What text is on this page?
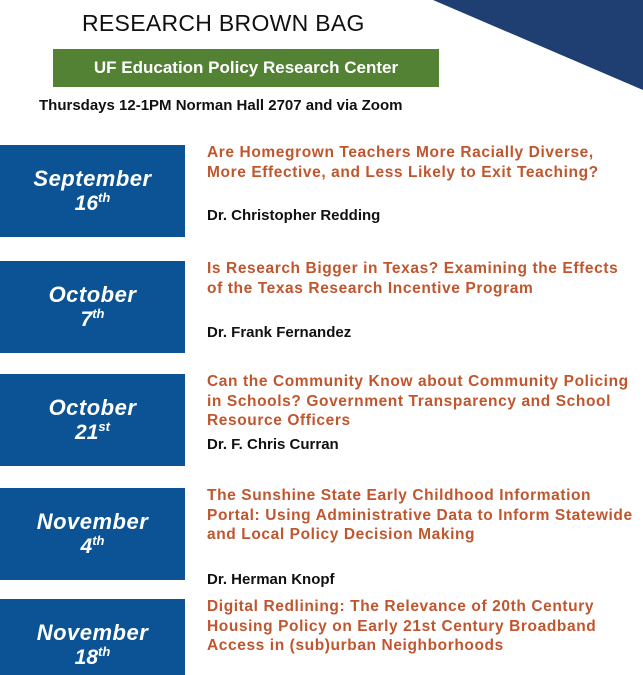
RESEARCH BROWN BAG
UF Education Policy Research Center
Thursdays 12-1PM Norman Hall 2707 and via Zoom
September
16th
Are Homegrown Teachers More Racially Diverse, More Effective, and Less Likely to Exit Teaching?
Dr. Christopher Redding
October
7th
Is Research Bigger in Texas? Examining the Effects of the Texas Research Incentive Program
Dr. Frank Fernandez
October
21st
Can the Community Know about Community Policing in Schools? Government Transparency and School Resource Officers
Dr. F. Chris Curran
November
4th
The Sunshine State Early Childhood Information Portal: Using Administrative Data to Inform Statewide and Local Policy Decision Making
Dr. Herman Knopf
November
18th
Digital Redlining: The Relevance of 20th Century Housing Policy on Early 21st Century Broadband Access in (sub)urban Neighborhoods
